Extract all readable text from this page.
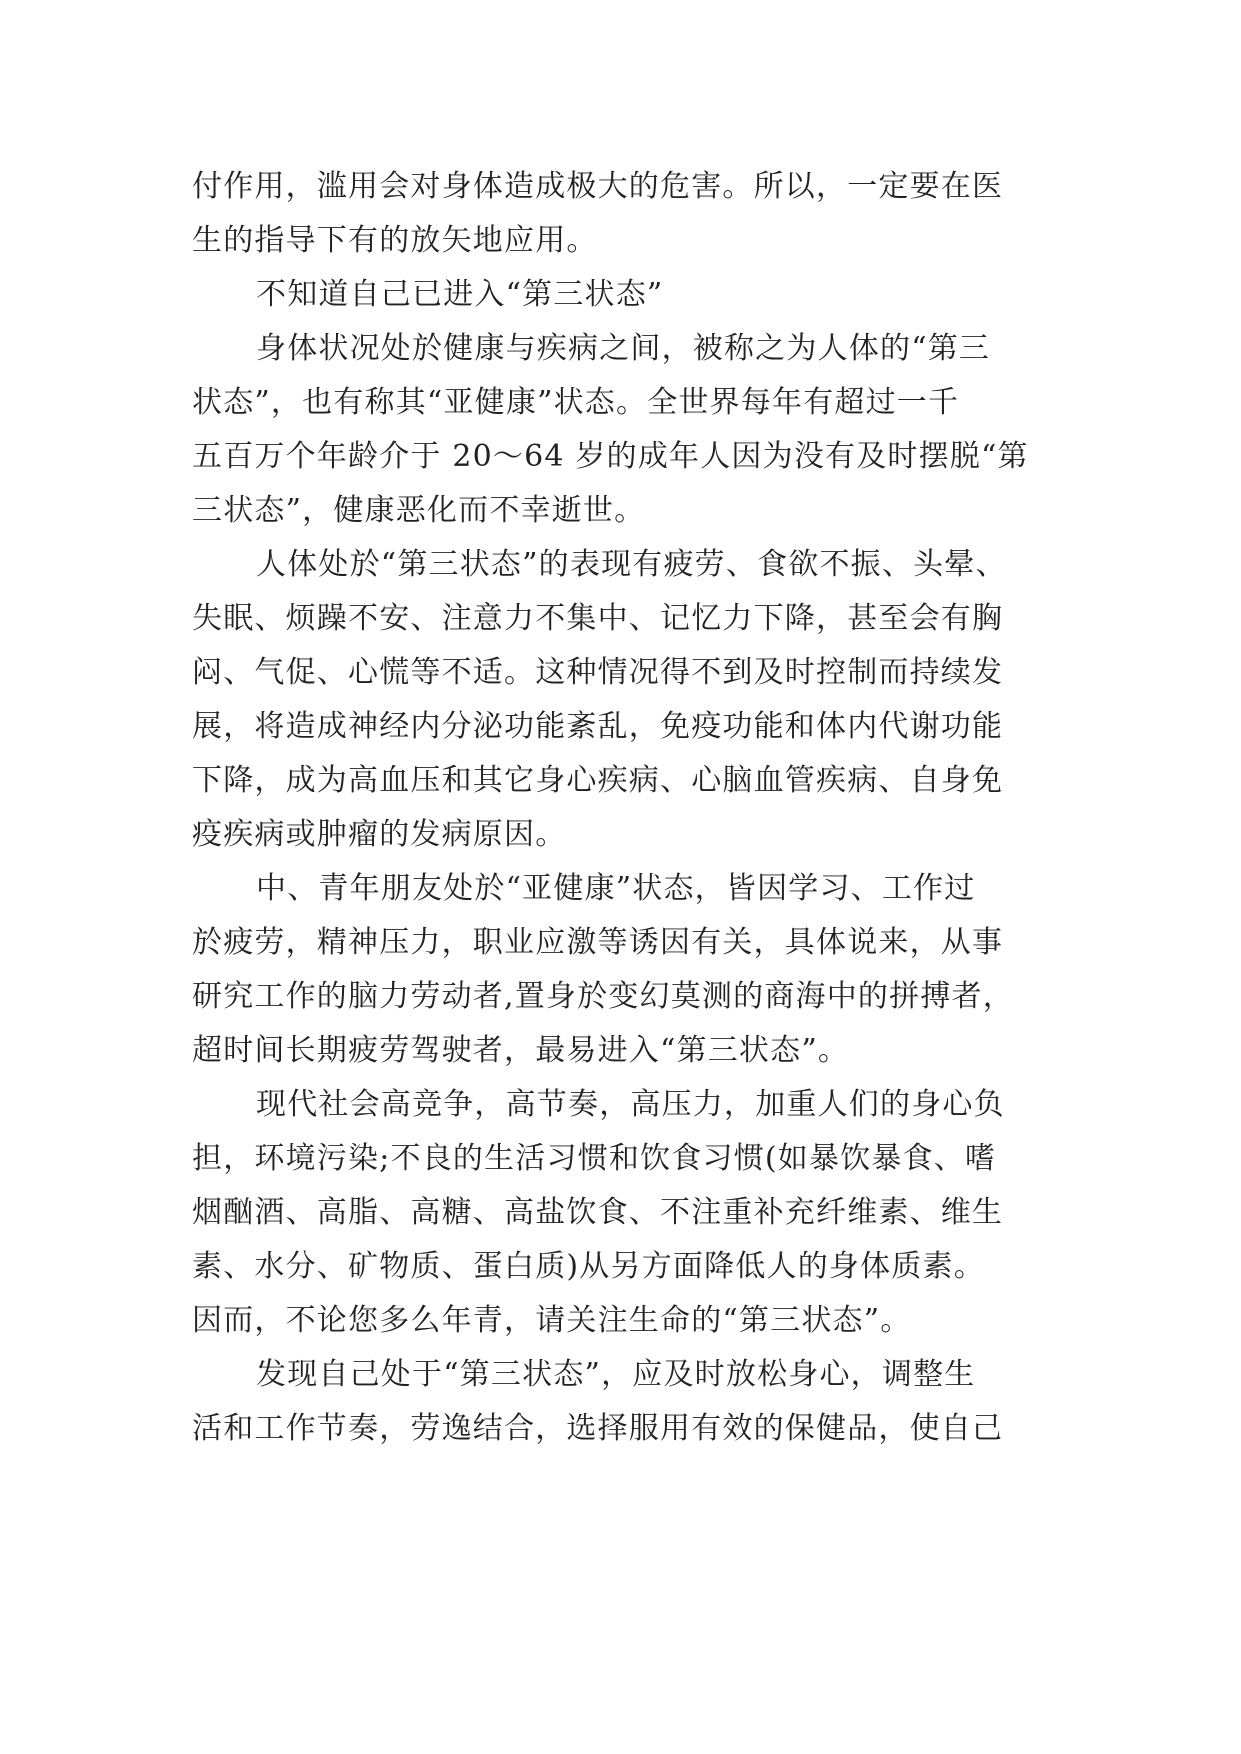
付作用，滥用会对身体造成极大的危害。所以，一定要在医
生的指导下有的放矢地应用。
不知道自己已进入“第三状态”
身体状况处於健康与疾病之间，被称之为人体的“第三
状态”，也有称其“亚健康”状态。全世界每年有超过一千
五百万个年龄介于 20～64 岁的成年人因为没有及时摆脱“第
三状态”，健康恶化而不幸逝世。
人体处於“第三状态”的表现有疲劳、食欲不振、头晕、
失眠、烦躁不安、注意力不集中、记忆力下降，甚至会有胸
闷、气促、心慌等不适。这种情况得不到及时控制而持续发
展，将造成神经内分泌功能紊乱，免疫功能和体内代谢功能
下降，成为高血压和其它身心疾病、心脑血管疾病、自身免
疫疾病或肿瘤的发病原因。
中、青年朋友处於“亚健康”状态，皆因学习、工作过
於疲劳，精神压力，职业应激等诱因有关，具体说来，从事
研究工作的脑力劳动者,置身於变幻莫测的商海中的拼搏者，
超时间长期疲劳驾驶者，最易进入“第三状态”。
现代社会高竞争，高节奏，高压力，加重人们的身心负
担，环境污染;不良的生活习惯和饮食习惯(如暴饮暴食、嗜
烟酗酒、高脂、高糖、高盐饮食、不注重补充纤维素、维生
素、水分、矿物质、蛋白质)从另方面降低人的身体质素。
因而，不论您多么年青，请关注生命的“第三状态”。
发现自己处于“第三状态”，应及时放松身心，调整生
活和工作节奏，劳逸结合，选择服用有效的保健品，使自己
